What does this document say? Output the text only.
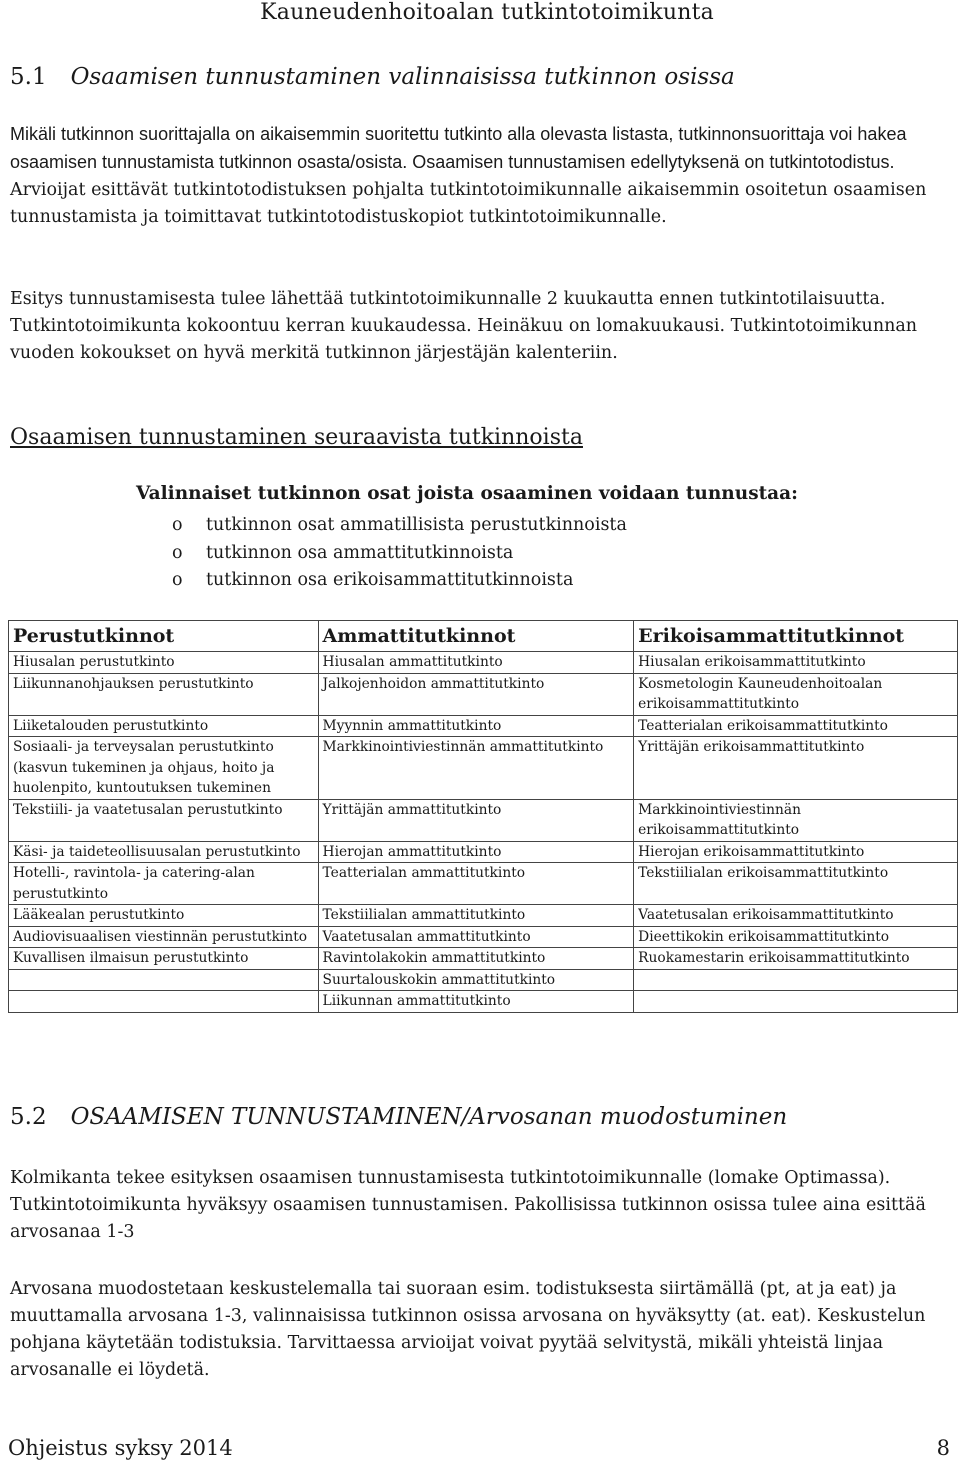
Kauneudenhoitoalan tutkintotoimikunta
5.1 Osaamisen tunnustaminen valinnaisissa tutkinnon osissa
Mikäli tutkinnon suorittajalla on aikaisemmin suoritettu tutkinto alla olevasta listasta, tutkinnonsuorittaja voi hakea osaamisen tunnustamista tutkinnon osasta/osista. Osaamisen tunnustamisen edellytyksenä on tutkintotodistus. Arvioijat esittävät tutkintotodistuksen pohjalta tutkintotoimikunnalle aikaisemmin osoitetun osaamisen tunnustamista ja toimittavat tutkintotodistuskopiot tutkintotoimikunnalle.
Esitys tunnustamisesta tulee lähettää tutkintotoimikunnalle 2 kuukautta ennen tutkintotilaisuutta. Tutkintotoimikunta kokoontuu kerran kuukaudessa. Heinäkuu on lomakuukausi. Tutkintotoimikunnan vuoden kokoukset on hyvä merkitä tutkinnon järjestäjän kalenteriin.
Osaamisen tunnustaminen seuraavista tutkinnoista
Valinnaiset tutkinnon osat joista osaaminen voidaan tunnustaa:
o tutkinnon osat ammatillisista perustutkinnoista
o tutkinnon osa ammattitutkinnoista
o tutkinnon osa erikoisammattitutkinnoista
Perustutkinnot	Ammattitutkinnot	Erikoisammattitutkinnot
Hiusalan perustutkinto	Hiusalan ammattitutkinto	Hiusalan erikoisammattitutkinto
Liikunnanohjauksen perustutkinto	Jalkojenhoidon ammattitutkinto	Kosmetologin Kauneudenhoitoalan erikoisammattitutkinto
Liiketalouden perustutkinto	Myynnin ammattitutkinto	Teatterialan erikoisammattitutkinto
Sosiaali- ja terveysalan perustutkinto (kasvun tukeminen ja ohjaus, hoito ja huolenpito, kuntoutuksen tukeminen	Markkinointiviestinnän ammattitutkinto	Yrittäjän erikoisammattitutkinto
Tekstiili- ja vaatetusalan perustutkinto	Yrittäjän ammattitutkinto	Markkinointiviestinnän erikoisammattitutkinto
Käsi- ja taideteollisuusalan perustutkinto	Hierojan ammattitutkinto	Hierojan erikoisammattitutkinto
Hotelli-, ravintola- ja catering-alan perustutkinto	Teatterialan ammattitutkinto	Tekstiilialan erikoisammattitutkinto
Lääkealan perustutkinto	Tekstiilialan ammattitutkinto	Vaatetusalan erikoisammattitutkinto
Audiovisuaalisen viestinnän perustutkinto	Vaatetusalan ammattitutkinto	Dieettikokin erikoisammattitutkinto
Kuvallisen ilmaisun perustutkinto	Ravintolakokin ammattitutkinto	Ruokamestarin erikoisammattitutkinto
	Suurtalouskokin ammattitutkinto	
	Liikunnan ammattitutkinto	
5.2 OSAAMISEN TUNNUSTAMINEN/Arvosanan muodostuminen
Kolmikanta tekee esityksen osaamisen tunnustamisesta tutkintotoimikunnalle (lomake Optimassa). Tutkintotoimikunta hyväksyy osaamisen tunnustamisen. Pakollisissa tutkinnon osissa tulee aina esittää arvosanaa 1-3
Arvosana muodostetaan keskustelemalla tai suoraan esim. todistuksesta siirtämällä (pt, at ja eat) ja muuttamalla arvosana 1-3, valinnaisissa tutkinnon osissa arvosana on hyväksytty (at. eat). Keskustelun pohjana käytetään todistuksia. Tarvittaessa arvioijat voivat pyytää selvitystä, mikäli yhteistä linjaa arvosanalle ei löydetä.
Ohjeistus syksy 2014	8
